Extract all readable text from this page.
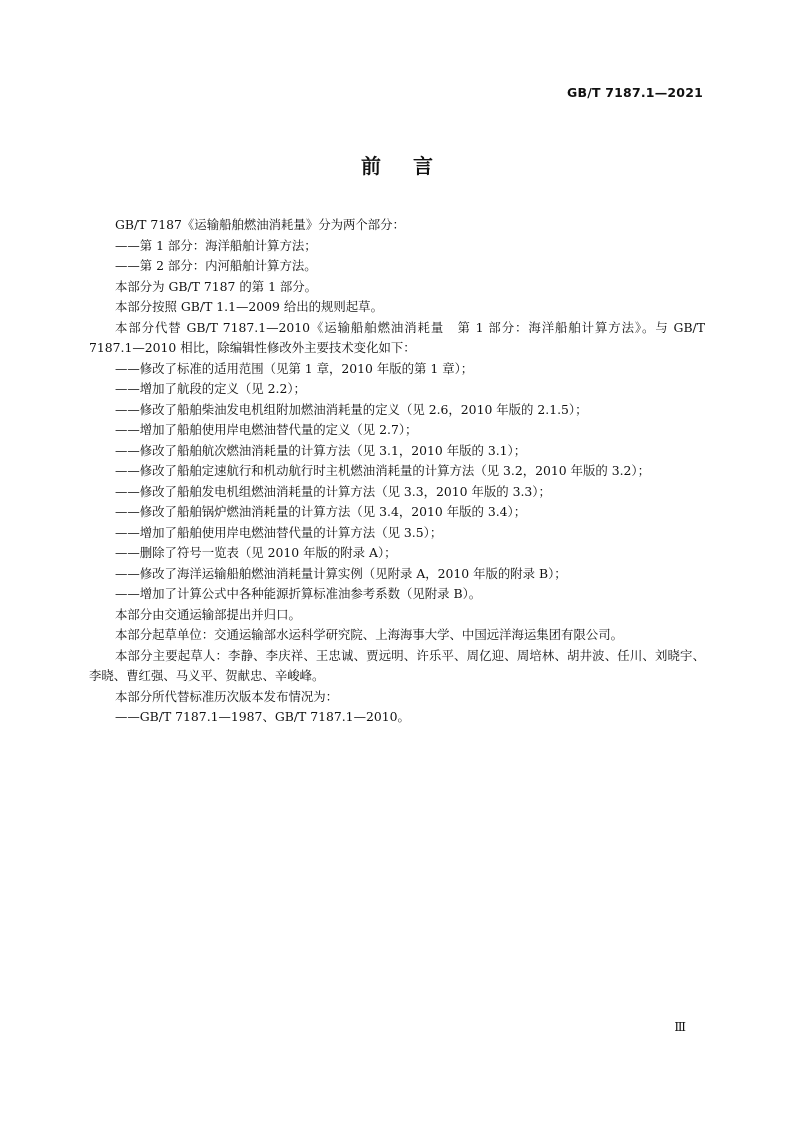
GB/T 7187.1—2021
前言

GB/T 7187《运输船舶燃油消耗量》分为两个部分：

——第 1 部分：海洋船舶计算方法；

——第 2 部分：内河船舶计算方法。

本部分为 GB/T 7187 的第 1 部分。

本部分按照 GB/T 1.1—2009 给出的规则起草。

本部分代替 GB/T 7187.1—2010《运输船舶燃油消耗量　第 1 部分：海洋船舶计算方法》。与 GB/T 7187.1—2010 相比，除编辑性修改外主要技术变化如下：

——修改了标准的适用范围（见第 1 章，2010 年版的第 1 章）；

——增加了航段的定义（见 2.2）；

——修改了船舶柴油发电机组附加燃油消耗量的定义（见 2.6，2010 年版的 2.1.5）；

——增加了船舶使用岸电燃油替代量的定义（见 2.7）；

——修改了船舶航次燃油消耗量的计算方法（见 3.1，2010 年版的 3.1）；

——修改了船舶定速航行和机动航行时主机燃油消耗量的计算方法（见 3.2，2010 年版的 3.2）；

——修改了船舶发电机组燃油消耗量的计算方法（见 3.3，2010 年版的 3.3）；

——修改了船舶锅炉燃油消耗量的计算方法（见 3.4，2010 年版的 3.4）；

——增加了船舶使用岸电燃油替代量的计算方法（见 3.5）；

——删除了符号一览表（见 2010 年版的附录 A）；

——修改了海洋运输船舶燃油消耗量计算实例（见附录 A，2010 年版的附录 B）；

——增加了计算公式中各种能源折算标准油参考系数（见附录 B）。

本部分由交通运输部提出并归口。

本部分起草单位：交通运输部水运科学研究院、上海海事大学、中国远洋海运集团有限公司。

本部分主要起草人：李静、李庆祥、王忠诚、贾远明、许乐平、周亿迎、周培林、胡井波、任川、刘晓宇、李晓、曹红强、马义平、贺献忠、辛峻峰。

本部分所代替标准历次版本发布情况为：

——GB/T 7187.1—1987、GB/T 7187.1—2010。

Ⅲ
